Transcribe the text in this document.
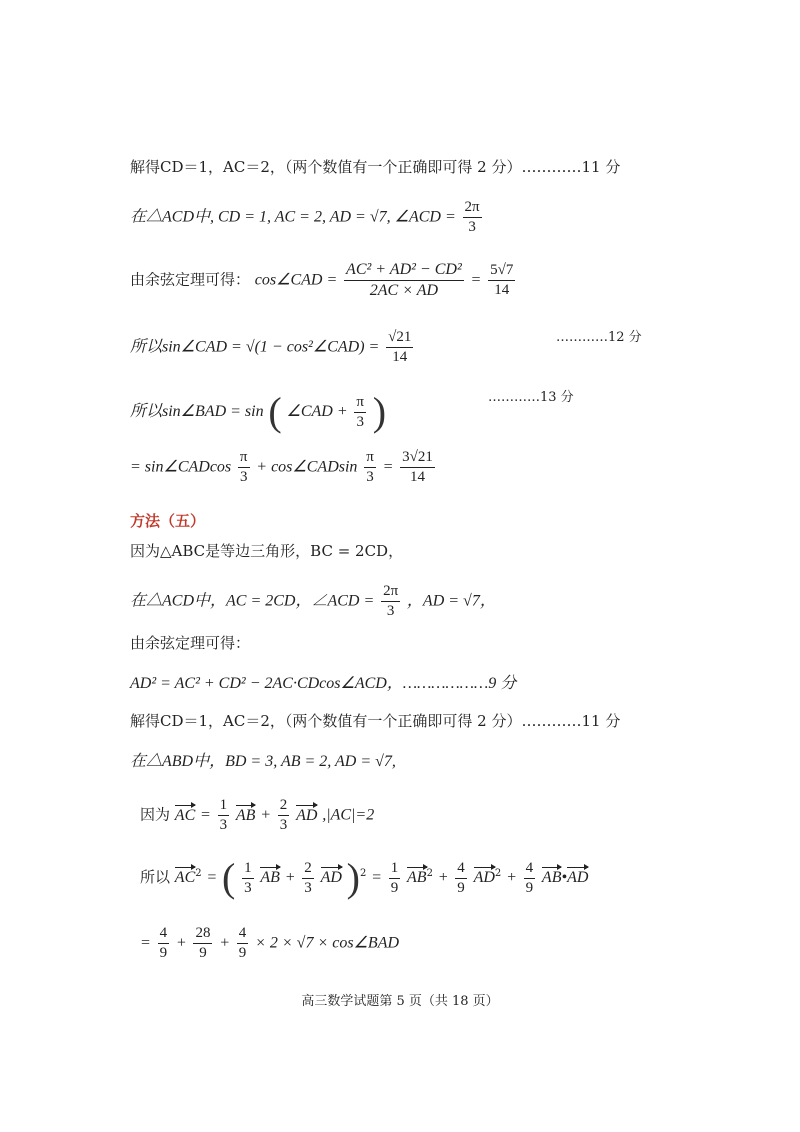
解得CD＝1，AC＝2，（两个数值有一个正确即可得 2 分）…………11 分
在△ACD中, CD = 1, AC = 2, AD = √7, ∠ACD = $\frac{2\pi}{3}$
由余弦定理可得： cos∠CAD = $\frac{\text{AC² + AD² − CD²}}{2AC \times AD} = \frac{5√7}{14}$
所以sin∠CAD = √(1 − cos²∠CAD) = $\frac{√21}{14}$	…………12 分
所以sin∠BAD = sin ( ∠CAD + $\frac{\pi}{3}$ )	…………13 分
= sin∠CADcos $\frac{\pi}{3}$ + cos∠CADsin $\frac{\pi}{3} = \frac{3√21}{14}$
方法（五）
因为△ABC是等边三角形，BC = 2CD，
在△ACD中，AC = 2CD，∠ACD = $\frac{2\pi}{3}$ ，AD = √7，
由余弦定理可得：
AD² = AC² + CD² − 2AC·CDcos∠ACD，………………9 分
解得CD＝1，AC＝2，（两个数值有一个正确即可得 2 分）…………11 分
在△ABD中，BD = 3, AB = 2, AD = √7,
因为 AC = $\frac{1}{3}$ AB + $\frac{2}{3}$ AD ,|AC|=2
所以 $AC^2$ = ( $\frac{1}{3}$ AB + $\frac{2}{3}$ AD )$^2 = \frac{1}{9} AB^2 + \frac{4}{9} AD^2 + \frac{4}{9}$ AB•AD
= $\frac{4}{9} + \frac{28}{9} + \frac{4}{9} \times 2 \times √7$ × cos∠BAD
高三数学试题第 5 页（共 18 页）
